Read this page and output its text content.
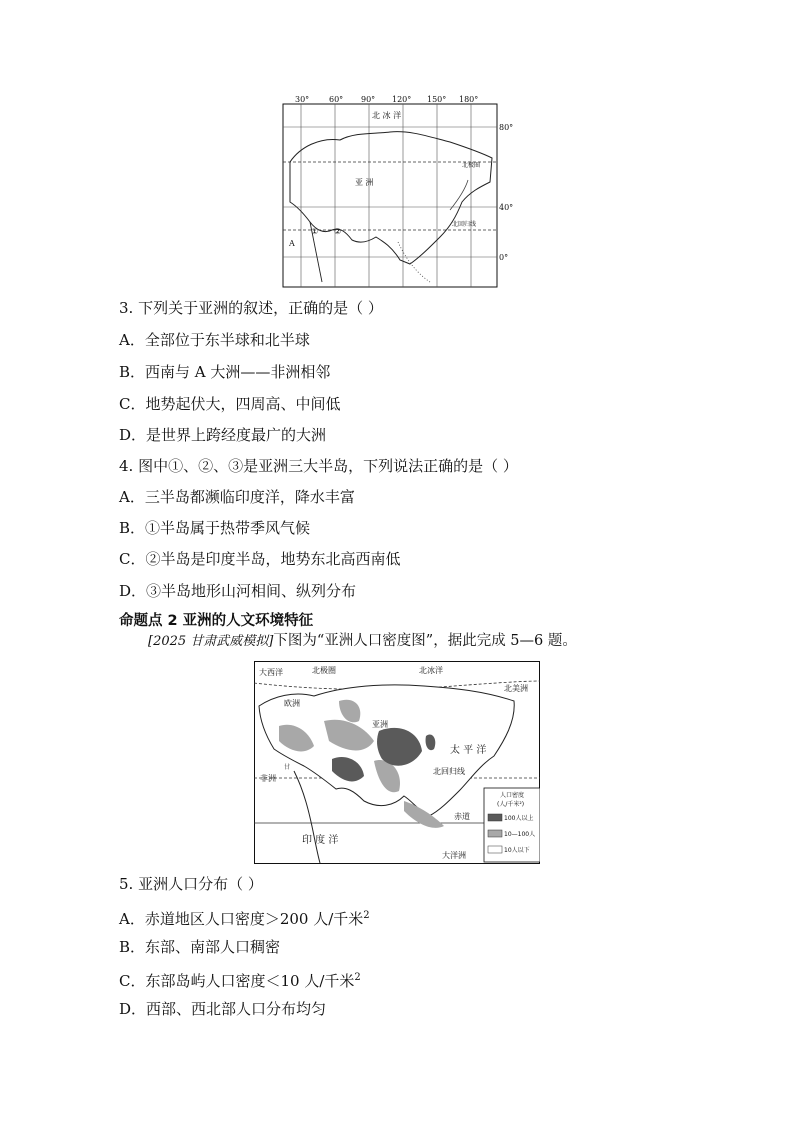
30° 60° 90° 120° 150° 180°
北 冰 洋
亚 洲
北极圈
北回归线
A
① ②
80°
40°
0°
3. 下列关于亚洲的叙述，正确的是（ ）
A．全部位于东半球和北半球
B．西南与 A 大洲——非洲相邻
C．地势起伏大，四周高、中间低
D．是世界上跨经度最广的大洲
4. 图中①、②、③是亚洲三大半岛，下列说法正确的是（ ）
A．三半岛都濒临印度洋，降水丰富
B．①半岛属于热带季风气候
C．②半岛是印度半岛，地势东北高西南低
D．③半岛地形山河相间、纵列分布
命题点 2 亚洲的人文环境特征
[2025 甘肃武威模拟]下图为“亚洲人口密度图”，据此完成 5—6 题。
大西洋	北极圈	北冰洋
北美洲
欧洲
亚洲
太 平 洋
非洲
北回归线
赤道
印 度 洋
大洋洲
甘
人口密度
(人/千米²)
100人以上
10—100人
10人以下
5. 亚洲人口分布（ ）
A．赤道地区人口密度＞200 人/千米$^2$
B．东部、南部人口稠密
C．东部岛屿人口密度＜10 人/千米$^2$
D．西部、西北部人口分布均匀
